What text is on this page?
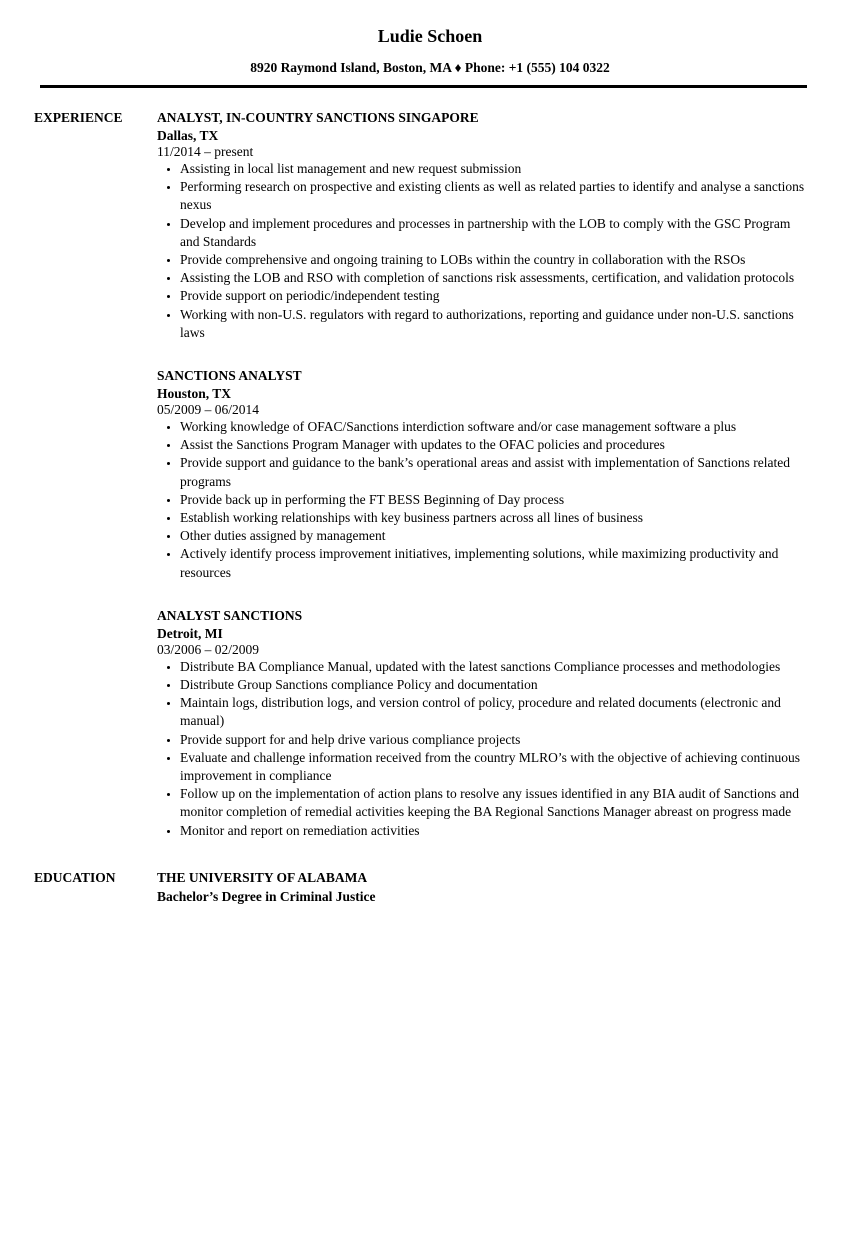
Ludie Schoen
8920 Raymond Island, Boston, MA ♦ Phone: +1 (555) 104 0322
EXPERIENCE	ANALYST, IN-COUNTRY SANCTIONS SINGAPORE
Dallas, TX
11/2014 – present
• Assisting in local list management and new request submission
• Performing research on prospective and existing clients as well as related parties to identify and analyse a sanctions nexus
• Develop and implement procedures and processes in partnership with the LOB to comply with the GSC Program and Standards
• Provide comprehensive and ongoing training to LOBs within the country in collaboration with the RSOs
• Assisting the LOB and RSO with completion of sanctions risk assessments, certification, and validation protocols
• Provide support on periodic/independent testing
• Working with non-U.S. regulators with regard to authorizations, reporting and guidance under non-U.S. sanctions laws
SANCTIONS ANALYST
Houston, TX
05/2009 – 06/2014
• Working knowledge of OFAC/Sanctions interdiction software and/or case management software a plus
• Assist the Sanctions Program Manager with updates to the OFAC policies and procedures
• Provide support and guidance to the bank’s operational areas and assist with implementation of Sanctions related programs
• Provide back up in performing the FT BESS Beginning of Day process
• Establish working relationships with key business partners across all lines of business
• Other duties assigned by management
• Actively identify process improvement initiatives, implementing solutions, while maximizing productivity and resources
ANALYST SANCTIONS
Detroit, MI
03/2006 – 02/2009
• Distribute BA Compliance Manual, updated with the latest sanctions Compliance processes and methodologies
• Distribute Group Sanctions compliance Policy and documentation
• Maintain logs, distribution logs, and version control of policy, procedure and related documents (electronic and manual)
• Provide support for and help drive various compliance projects
• Evaluate and challenge information received from the country MLRO’s with the objective of achieving continuous improvement in compliance
• Follow up on the implementation of action plans to resolve any issues identified in any BIA audit of Sanctions and monitor completion of remedial activities keeping the BA Regional Sanctions Manager abreast on progress made
• Monitor and report on remediation activities
EDUCATION	THE UNIVERSITY OF ALABAMA
Bachelor’s Degree in Criminal Justice
